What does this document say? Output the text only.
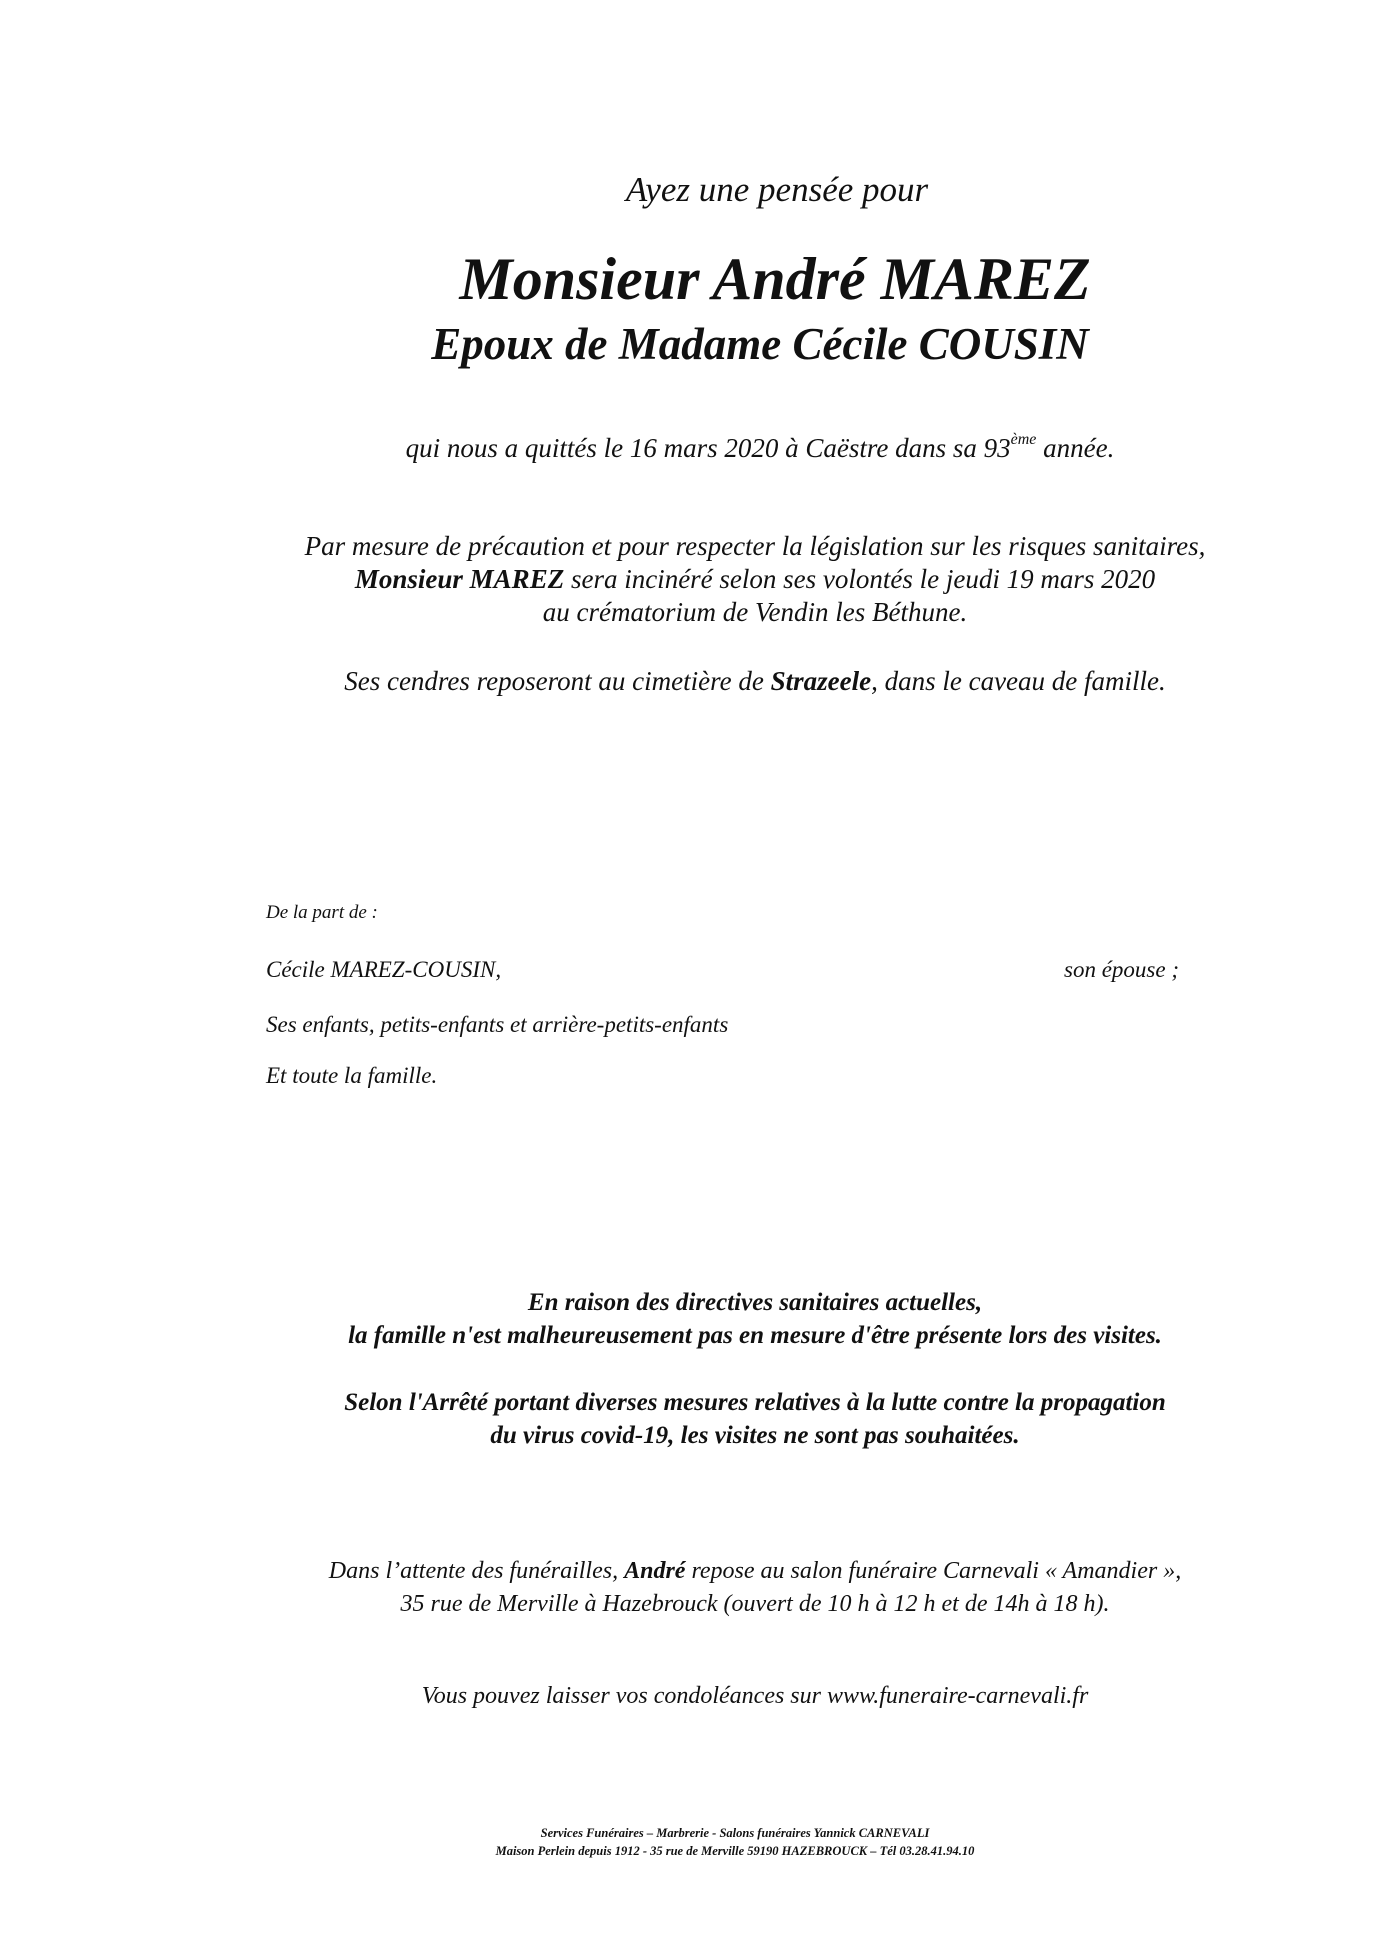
Ayez une pensée pour
Monsieur André MAREZ
Epoux de Madame Cécile COUSIN
qui nous a quittés le 16 mars 2020 à Caëstre dans sa 93ème année.
Par mesure de précaution et pour respecter la législation sur les risques sanitaires,
Monsieur MAREZ sera incinéré selon ses volontés le jeudi 19 mars 2020
au crématorium de Vendin les Béthune.
Ses cendres reposeront au cimetière de Strazeele, dans le caveau de famille.
De la part de :
Cécile MAREZ-COUSIN,	son épouse ;
Ses enfants, petits-enfants et arrière-petits-enfants
Et toute la famille.
En raison des directives sanitaires actuelles,
la famille n'est malheureusement pas en mesure d'être présente lors des visites.
Selon l'Arrêté portant diverses mesures relatives à la lutte contre la propagation
du virus covid-19, les visites ne sont pas souhaitées.
Dans l’attente des funérailles, André repose au salon funéraire Carnevali « Amandier »,
35 rue de Merville à Hazebrouck (ouvert de 10 h à 12 h et de 14h à 18 h).
Vous pouvez laisser vos condoléances sur www.funeraire-carnevali.fr
Services Funéraires – Marbrerie - Salons funéraires Yannick CARNEVALI
Maison Perlein depuis 1912 - 35 rue de Merville 59190 HAZEBROUCK – Tél 03.28.41.94.10
